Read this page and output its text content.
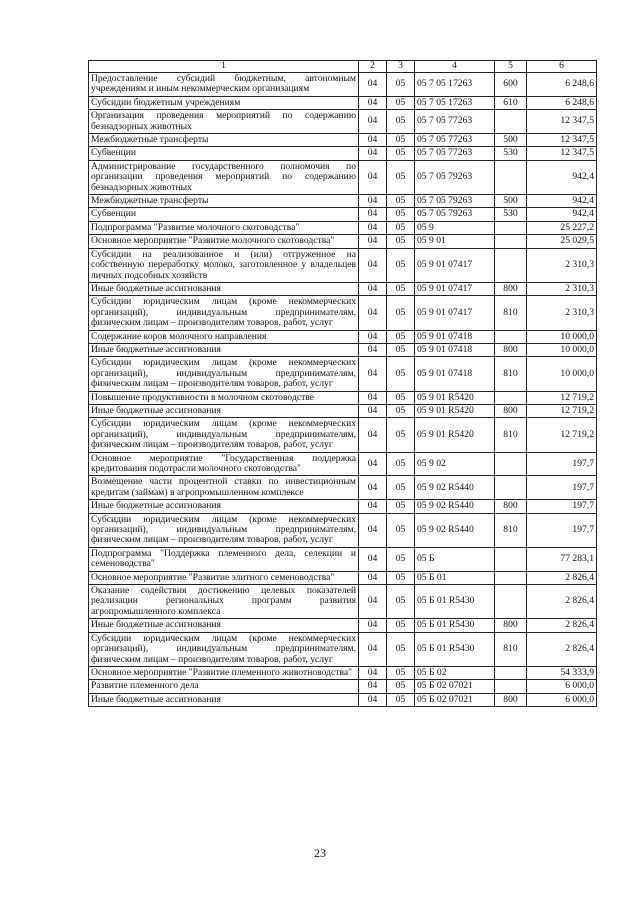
1	2	3	4	5	6
Предоставление субсидий бюджетным, автономным учреждениям и иным некоммерческим организациям	04	05	05 7 05 17263	600	6 248,6
Субсидии бюджетным учреждениям	04	05	05 7 05 17263	610	6 248,6
Организация проведения мероприятий по содержанию безнадзорных животных	04	05	05 7 05 77263		12 347,5
Межбюджетные трансферты	04	05	05 7 05 77263	500	12 347,5
Субвенции	04	05	05 7 05 77263	530	12 347,5
Администрирование государственного полномочия по организации проведения мероприятий по содержанию безнадзорных животных	04	05	05 7 05 79263		942,4
Межбюджетные трансферты	04	05	05 7 05 79263	500	942,4
Субвенции	04	05	05 7 05 79263	530	942,4
Подпрограмма "Развитие молочного скотоводства"	04	05	05 9		25 227,2
Основное мероприятие "Развитие молочного скотоводства"	04	05	05 9 01		25 029,5
Субсидии на реализованное и (или) отгруженное на собственную переработку молоко, заготовленное у владельцев личных подсобных хозяйств	04	05	05 9 01 07417		2 310,3
Иные бюджетные ассигнования	04	05	05 9 01 07417	800	2 310,3
Субсидии юридическим лицам (кроме некоммерческих организаций), индивидуальным предпринимателям, физическим лицам – производителям товаров, работ, услуг	04	05	05 9 01 07417	810	2 310,3
Содержание коров молочного направления	04	05	05 9 01 07418		10 000,0
Иные бюджетные ассигнования	04	05	05 9 01 07418	800	10 000,0
Субсидии юридическим лицам (кроме некоммерческих организаций), индивидуальным предпринимателям, физическим лицам – производителям товаров, работ, услуг	04	05	05 9 01 07418	810	10 000,0
Повышение продуктивности в молочном скотоводстве	04	05	05 9 01 R5420		12 719,2
Иные бюджетные ассигнования	04	05	05 9 01 R5420	800	12 719,2
Субсидии юридическим лицам (кроме некоммерческих организаций), индивидуальным предпринимателям, физическим лицам – производителям товаров, работ, услуг	04	05	05 9 01 R5420	810	12 719,2
Основное мероприятие "Государственная поддержка кредитования подотрасли молочного скотоводства"	04	05	05 9 02		197,7
Возмещение части процентной ставки по инвестиционным кредитам (займам) в агропромышленном комплексе	04	05	05 9 02 R5440		197,7
Иные бюджетные ассигнования	04	05	05 9 02 R5440	800	197,7
Субсидии юридическим лицам (кроме некоммерческих организаций), индивидуальным предпринимателям, физическим лицам – производителям товаров, работ, услуг	04	05	05 9 02 R5440	810	197,7
Подпрограмма "Поддержка племенного дела, селекции и семеноводства"	04	05	05 Б		77 283,1
Основное мероприятие "Развитие элитного семеноводства"	04	05	05 Б 01		2 826,4
Оказание содействия достижению целевых показателей реализации региональных программ развития агропромышленного комплекса	04	05	05 Б 01 R5430		2 826,4
Иные бюджетные ассигнования	04	05	05 Б 01 R5430	800	2 826,4
Субсидии юридическим лицам (кроме некоммерческих организаций), индивидуальным предпринимателям, физическим лицам – производителям товаров, работ, услуг	04	05	05 Б 01 R5430	810	2 826,4
Основное мероприятие "Развитие племенного животноводства"	04	05	05 Б 02		54 333,9
Развитие племенного дела	04	05	05 Б 02 07021		6 000,0
Иные бюджетные ассигнования	04	05	05 Б 02 07021	800	6 000,0
23
